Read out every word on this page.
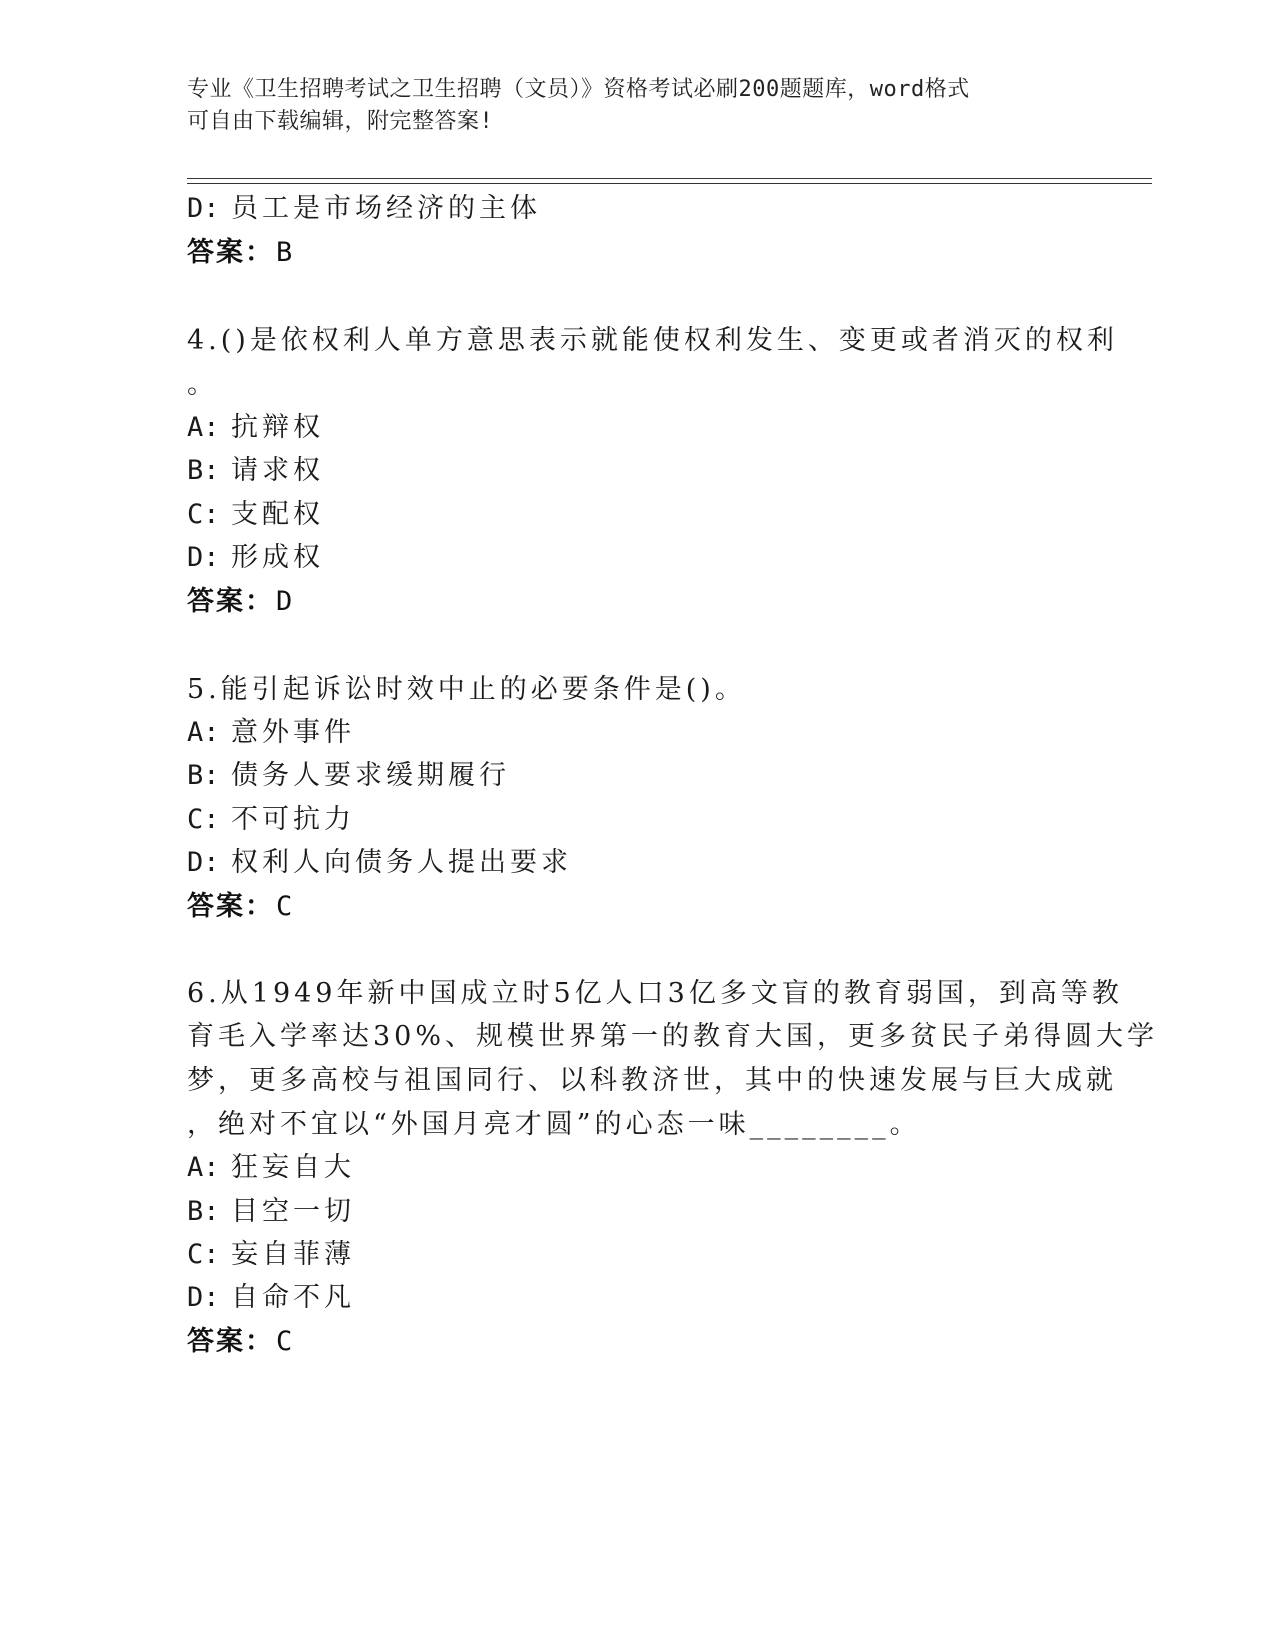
专业《卫生招聘考试之卫生招聘（文员）》资格考试必刷200题题库，word格式
可自由下载编辑，附完整答案!
D: 员工是市场经济的主体
答案：B
4.()是依权利人单方意思表示就能使权利发生、变更或者消灭的权利
。
A: 抗辩权
B: 请求权
C: 支配权
D: 形成权
答案：D
5.能引起诉讼时效中止的必要条件是()。
A: 意外事件
B: 债务人要求缓期履行
C: 不可抗力
D: 权利人向债务人提出要求
答案：C
6.从1949年新中国成立时5亿人口3亿多文盲的教育弱国，到高等教
育毛入学率达30%、规模世界第一的教育大国，更多贫民子弟得圆大学
梦，更多高校与祖国同行、以科教济世，其中的快速发展与巨大成就
，绝对不宜以“外国月亮才圆”的心态一味________。
A: 狂妄自大
B: 目空一切
C: 妄自菲薄
D: 自命不凡
答案：C
